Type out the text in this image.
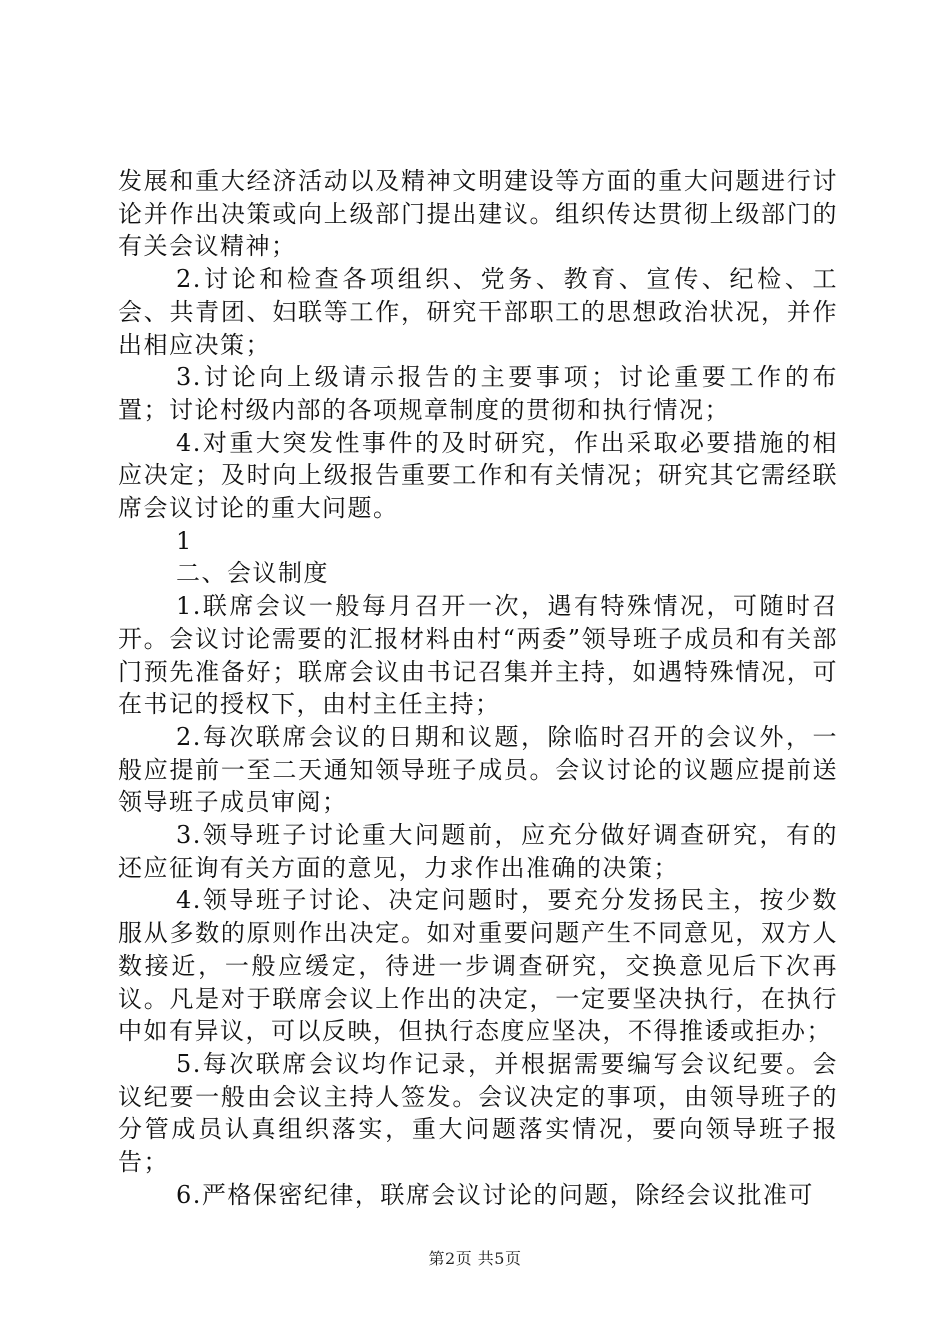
发展和重大经济活动以及精神文明建设等方面的重大问题进行讨论并作出决策或向上级部门提出建议。组织传达贯彻上级部门的有关会议精神；

2.讨论和检查各项组织、党务、教育、宣传、纪检、工会、共青团、妇联等工作，研究干部职工的思想政治状况，并作出相应决策；

3.讨论向上级请示报告的主要事项；讨论重要工作的布置；讨论村级内部的各项规章制度的贯彻和执行情况；

4.对重大突发性事件的及时研究，作出采取必要措施的相应决定；及时向上级报告重要工作和有关情况；研究其它需经联席会议讨论的重大问题。

1

二、会议制度

1.联席会议一般每月召开一次，遇有特殊情况，可随时召开。会议讨论需要的汇报材料由村“两委”领导班子成员和有关部门预先准备好；联席会议由书记召集并主持，如遇特殊情况，可在书记的授权下，由村主任主持；

2.每次联席会议的日期和议题，除临时召开的会议外，一般应提前一至二天通知领导班子成员。会议讨论的议题应提前送领导班子成员审阅；

3.领导班子讨论重大问题前，应充分做好调查研究，有的还应征询有关方面的意见，力求作出准确的决策；

4.领导班子讨论、决定问题时，要充分发扬民主，按少数服从多数的原则作出决定。如对重要问题产生不同意见，双方人数接近，一般应缓定，待进一步调查研究，交换意见后下次再议。凡是对于联席会议上作出的决定，一定要坚决执行，在执行中如有异议，可以反映，但执行态度应坚决，不得推诿或拒办；

5.每次联席会议均作记录，并根据需要编写会议纪要。会议纪要一般由会议主持人签发。会议决定的事项，由领导班子的分管成员认真组织落实，重大问题落实情况，要向领导班子报告；

6.严格保密纪律，联席会议讨论的问题，除经会议批准可

第2页 共5页
